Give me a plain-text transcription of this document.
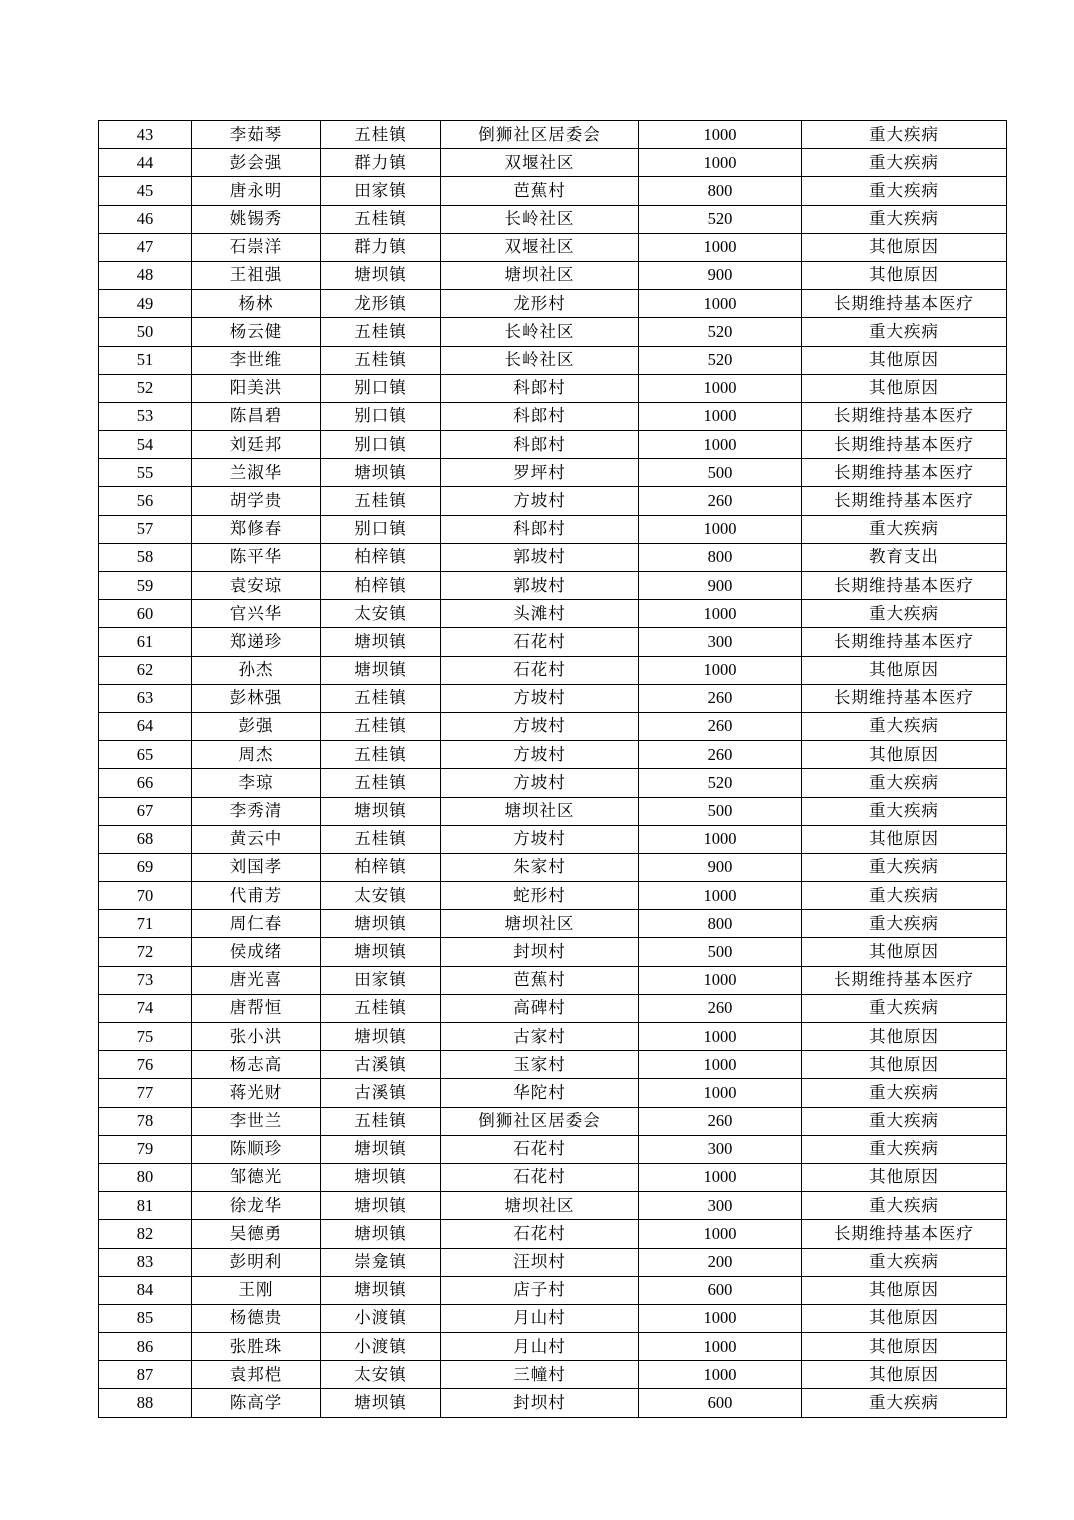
43	李茹琴	五桂镇	倒狮社区居委会	1000	重大疾病
44	彭会强	群力镇	双堰社区	1000	重大疾病
45	唐永明	田家镇	芭蕉村	800	重大疾病
46	姚锡秀	五桂镇	长岭社区	520	重大疾病
47	石崇洋	群力镇	双堰社区	1000	其他原因
48	王祖强	塘坝镇	塘坝社区	900	其他原因
49	杨林	龙形镇	龙形村	1000	长期维持基本医疗
50	杨云健	五桂镇	长岭社区	520	重大疾病
51	李世维	五桂镇	长岭社区	520	其他原因
52	阳美洪	别口镇	科郎村	1000	其他原因
53	陈昌碧	别口镇	科郎村	1000	长期维持基本医疗
54	刘廷邦	别口镇	科郎村	1000	长期维持基本医疗
55	兰淑华	塘坝镇	罗坪村	500	长期维持基本医疗
56	胡学贵	五桂镇	方坡村	260	长期维持基本医疗
57	郑修春	别口镇	科郎村	1000	重大疾病
58	陈平华	柏梓镇	郭坡村	800	教育支出
59	袁安琼	柏梓镇	郭坡村	900	长期维持基本医疗
60	官兴华	太安镇	头滩村	1000	重大疾病
61	郑递珍	塘坝镇	石花村	300	长期维持基本医疗
62	孙杰	塘坝镇	石花村	1000	其他原因
63	彭林强	五桂镇	方坡村	260	长期维持基本医疗
64	彭强	五桂镇	方坡村	260	重大疾病
65	周杰	五桂镇	方坡村	260	其他原因
66	李琼	五桂镇	方坡村	520	重大疾病
67	李秀清	塘坝镇	塘坝社区	500	重大疾病
68	黄云中	五桂镇	方坡村	1000	其他原因
69	刘国孝	柏梓镇	朱家村	900	重大疾病
70	代甫芳	太安镇	蛇形村	1000	重大疾病
71	周仁春	塘坝镇	塘坝社区	800	重大疾病
72	侯成绪	塘坝镇	封坝村	500	其他原因
73	唐光喜	田家镇	芭蕉村	1000	长期维持基本医疗
74	唐帮恒	五桂镇	高碑村	260	重大疾病
75	张小洪	塘坝镇	古家村	1000	其他原因
76	杨志高	古溪镇	玉家村	1000	其他原因
77	蒋光财	古溪镇	华陀村	1000	重大疾病
78	李世兰	五桂镇	倒狮社区居委会	260	重大疾病
79	陈顺珍	塘坝镇	石花村	300	重大疾病
80	邹德光	塘坝镇	石花村	1000	其他原因
81	徐龙华	塘坝镇	塘坝社区	300	重大疾病
82	吴德勇	塘坝镇	石花村	1000	长期维持基本医疗
83	彭明利	崇龛镇	汪坝村	200	重大疾病
84	王刚	塘坝镇	店子村	600	其他原因
85	杨德贵	小渡镇	月山村	1000	其他原因
86	张胜珠	小渡镇	月山村	1000	其他原因
87	袁邦桤	太安镇	三幢村	1000	其他原因
88	陈高学	塘坝镇	封坝村	600	重大疾病
